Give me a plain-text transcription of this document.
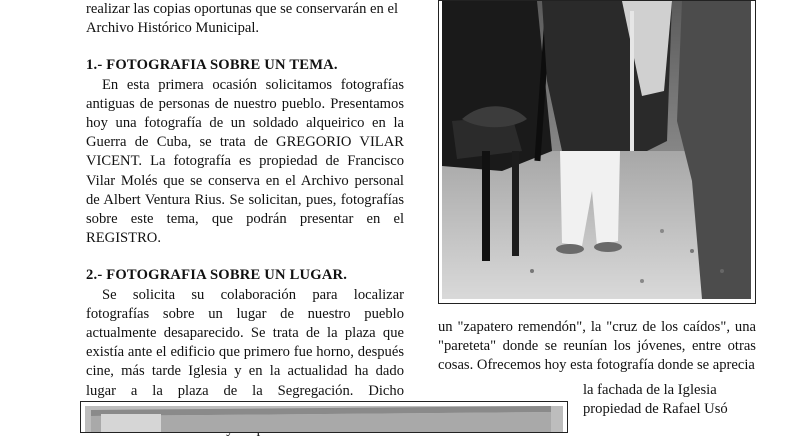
realizar las copias oportunas que se conservarán en el

Archivo Histórico Municipal.

1.- FOTOGRAFIA SOBRE UN TEMA.

En esta primera ocasión solicitamos fotografías antiguas de personas de nuestro pueblo. Presentamos hoy una fotografía de un soldado alqueirico en la Guerra de Cuba, se trata de GREGORIO VILAR VICENT. La fotografía es propiedad de Francisco Vilar Molés que se conserva en el Archivo personal de Albert Ventura Rius. Se solicitan, pues, fotografías sobre este tema, que podrán presentar en el REGISTRO.

2.- FOTOGRAFIA SOBRE UN LUGAR.

Se solicita su colaboración para localizar fotografías sobre un lugar de nuestro pueblo actualmente desaparecido. Se trata de la plaza que existía ante el edificio que primero fue horno, después cine, más tarde Iglesia y en la actualidad ha dado lugar a la plaza de la Segregación. Dicho

un "zapatero remendón", la "cruz de los caídos", una "pareteta" donde se reunían los jóvenes, entre otras cosas. Ofrecemos hoy esta fotografía donde se aprecia

la fachada de la Iglesia

propiedad de Rafael Usó
